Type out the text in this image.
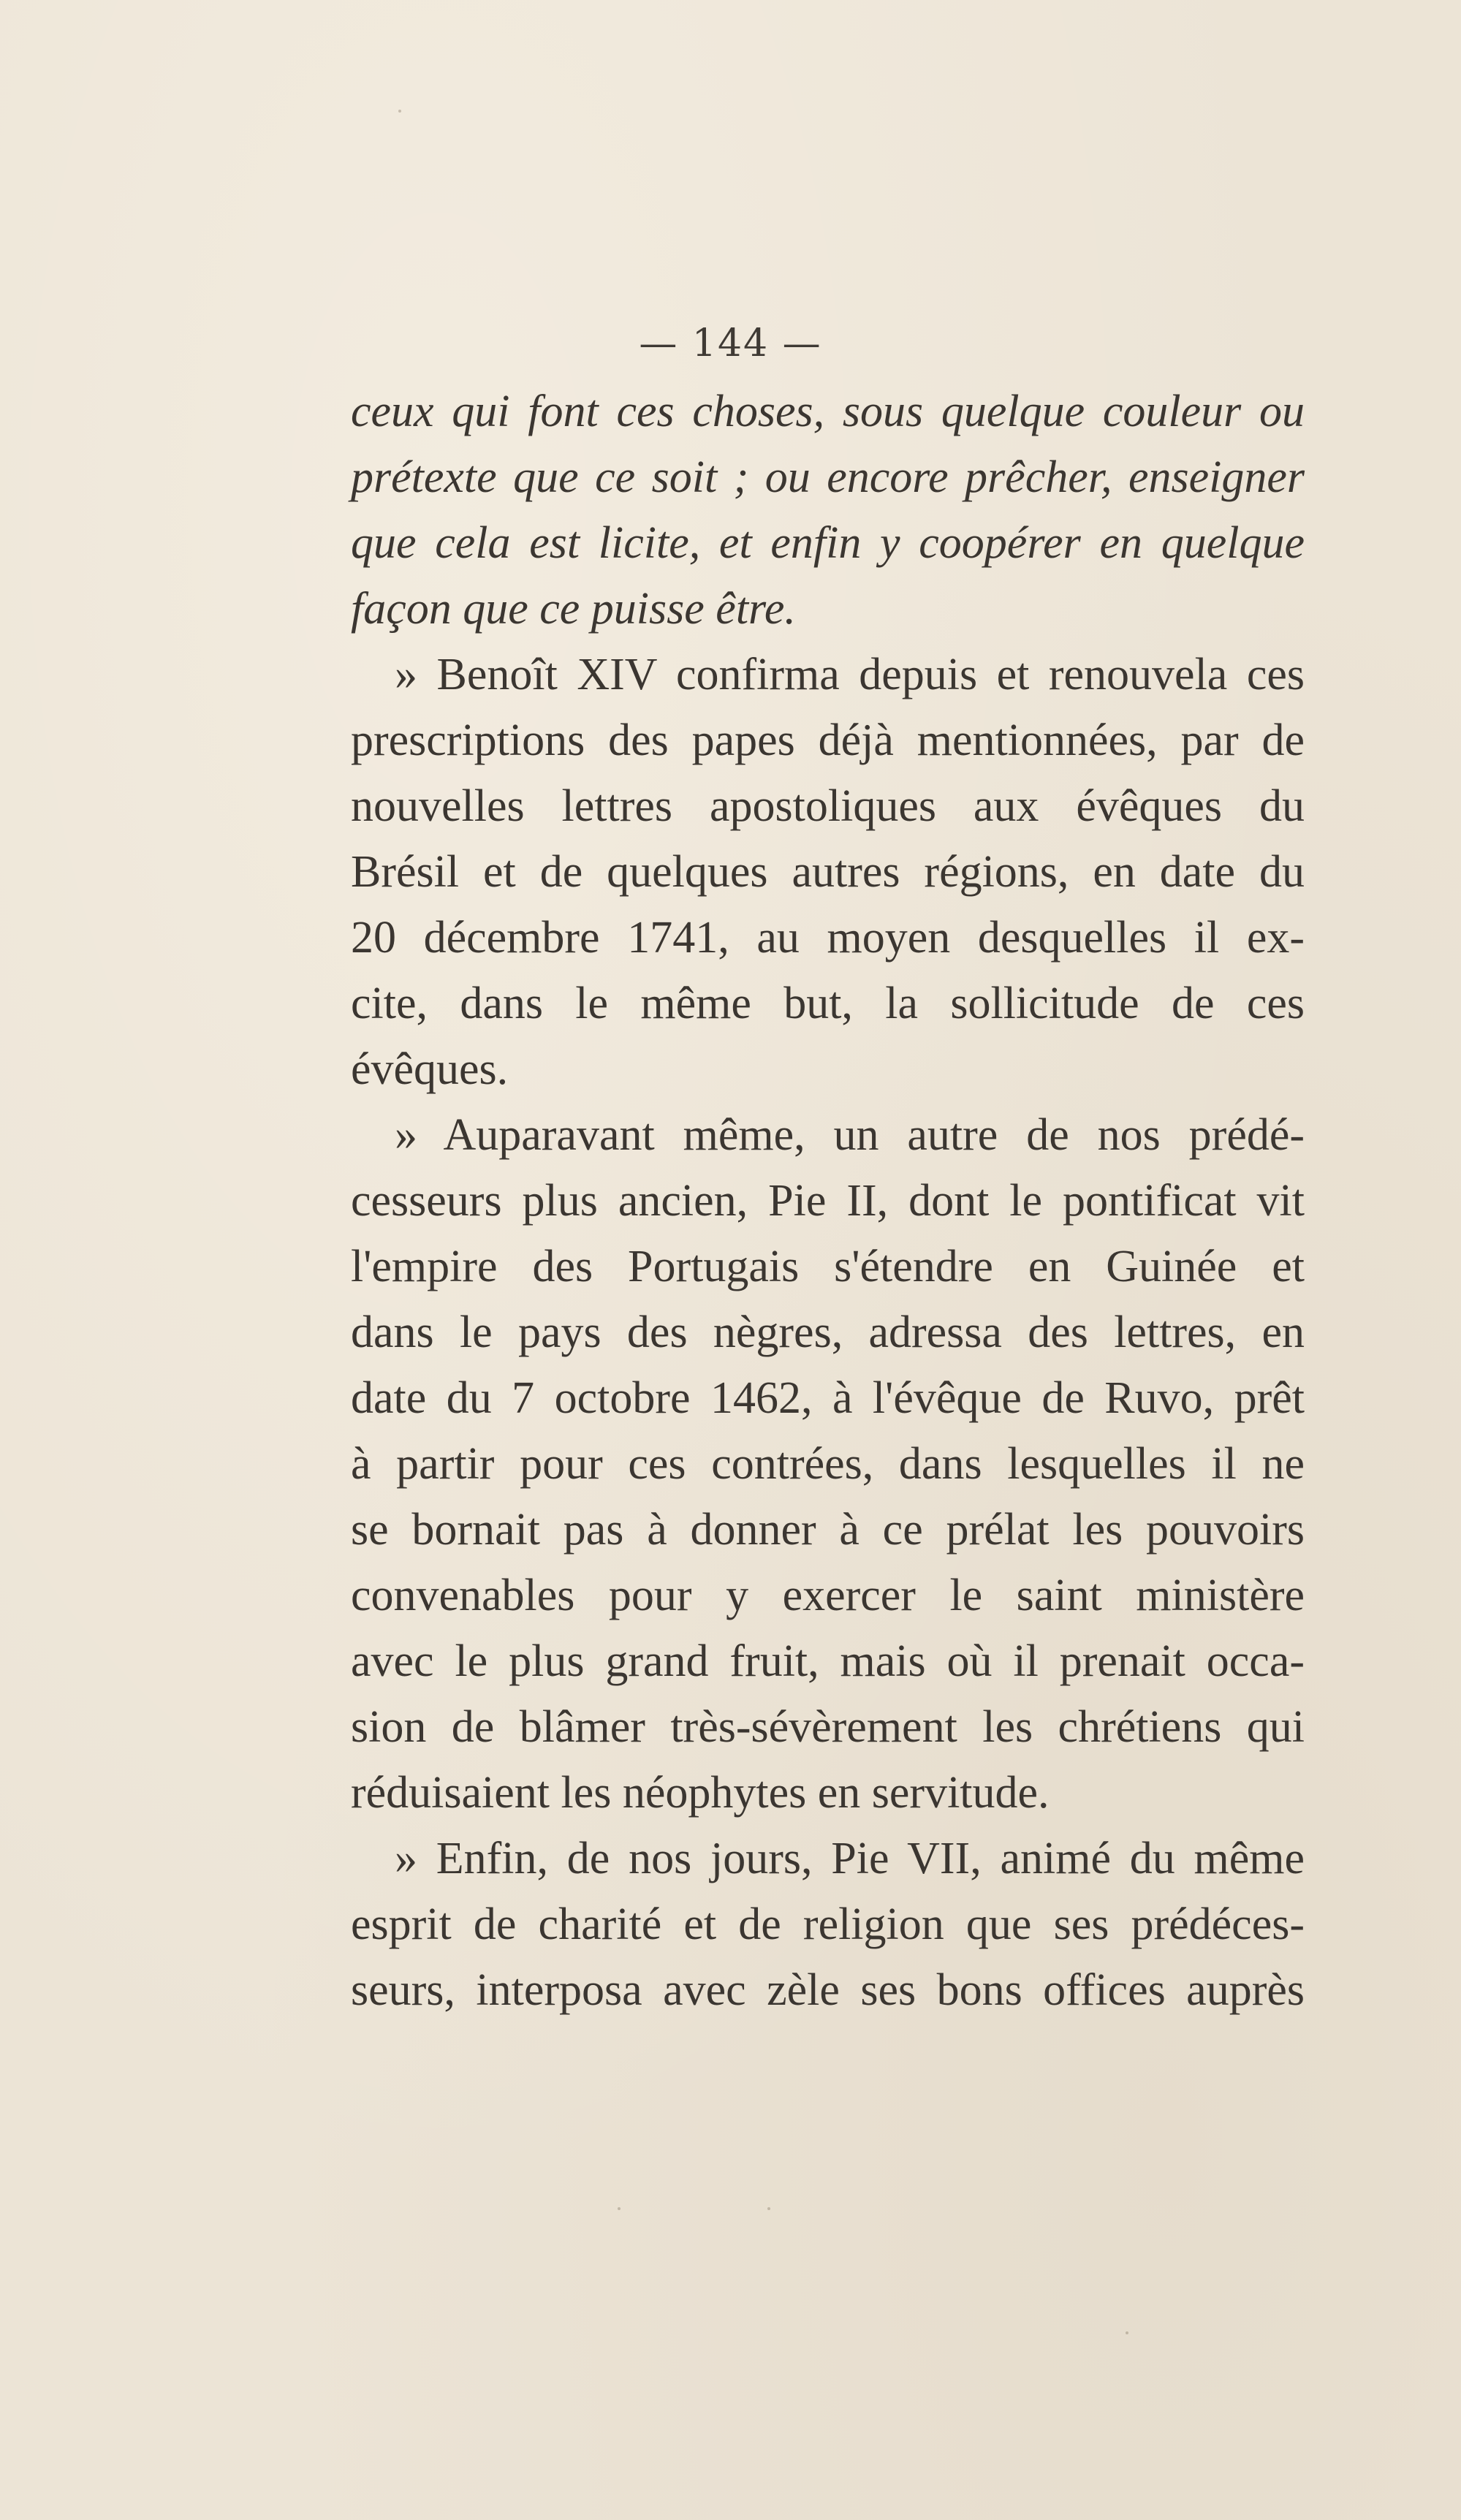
— 144 —
ceux qui font ces choses, sous quelque couleur ou
prétexte que ce soit ; ou encore prêcher, enseigner
que cela est licite, et enfin y coopérer en quelque
façon que ce puisse être.
» Benoît XIV confirma depuis et renouvela ces
prescriptions des papes déjà mentionnées, par de
nouvelles lettres apostoliques aux évêques du
Brésil et de quelques autres régions, en date du
20 décembre 1741, au moyen desquelles il ex-
cite, dans le même but, la sollicitude de ces
évêques.
» Auparavant même, un autre de nos prédé-
cesseurs plus ancien, Pie II, dont le pontificat vit
l'empire des Portugais s'étendre en Guinée et
dans le pays des nègres, adressa des lettres, en
date du 7 octobre 1462, à l'évêque de Ruvo, prêt
à partir pour ces contrées, dans lesquelles il ne
se bornait pas à donner à ce prélat les pouvoirs
convenables pour y exercer le saint ministère
avec le plus grand fruit, mais où il prenait occa-
sion de blâmer très-sévèrement les chrétiens qui
réduisaient les néophytes en servitude.
» Enfin, de nos jours, Pie VII, animé du même
esprit de charité et de religion que ses prédéces-
seurs, interposa avec zèle ses bons offices auprès
